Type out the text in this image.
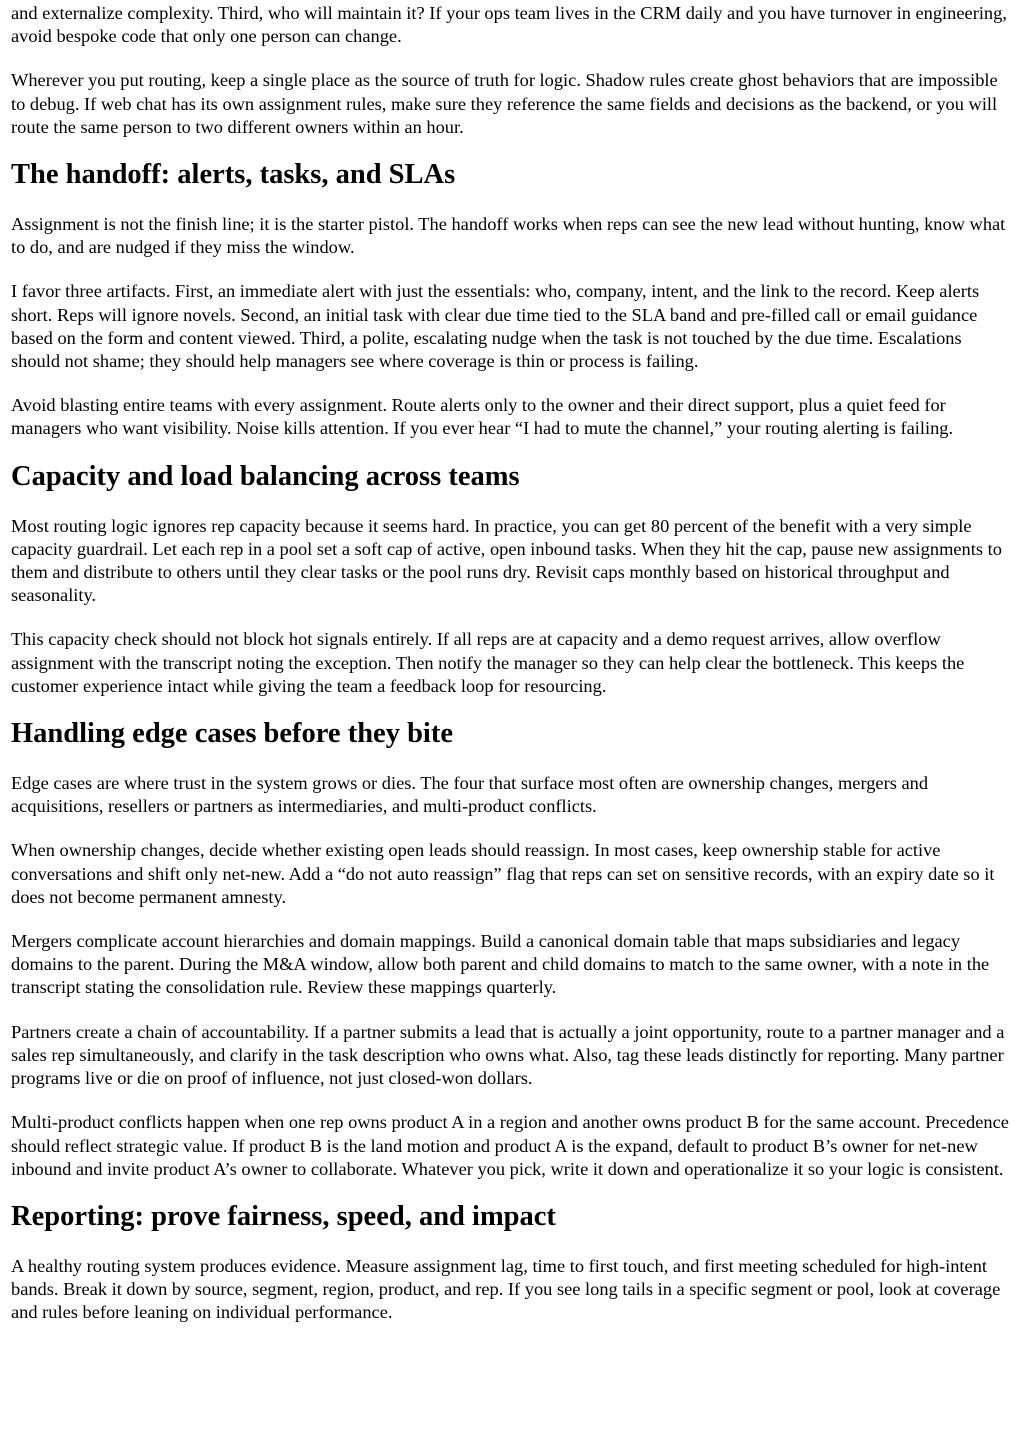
and externalize complexity. Third, who will maintain it? If your ops team lives in the CRM daily and you have turnover in engineering, avoid bespoke code that only one person can change.

Wherever you put routing, keep a single place as the source of truth for logic. Shadow rules create ghost behaviors that are impossible to debug. If web chat has its own assignment rules, make sure they reference the same fields and decisions as the backend, or you will route the same person to two different owners within an hour.

The handoff: alerts, tasks, and SLAs

Assignment is not the finish line; it is the starter pistol. The handoff works when reps can see the new lead without hunting, know what to do, and are nudged if they miss the window.

I favor three artifacts. First, an immediate alert with just the essentials: who, company, intent, and the link to the record. Keep alerts short. Reps will ignore novels. Second, an initial task with clear due time tied to the SLA band and pre-filled call or email guidance based on the form and content viewed. Third, a polite, escalating nudge when the task is not touched by the due time. Escalations should not shame; they should help managers see where coverage is thin or process is failing.

Avoid blasting entire teams with every assignment. Route alerts only to the owner and their direct support, plus a quiet feed for managers who want visibility. Noise kills attention. If you ever hear “I had to mute the channel,” your routing alerting is failing.

Capacity and load balancing across teams

Most routing logic ignores rep capacity because it seems hard. In practice, you can get 80 percent of the benefit with a very simple capacity guardrail. Let each rep in a pool set a soft cap of active, open inbound tasks. When they hit the cap, pause new assignments to them and distribute to others until they clear tasks or the pool runs dry. Revisit caps monthly based on historical throughput and seasonality.

This capacity check should not block hot signals entirely. If all reps are at capacity and a demo request arrives, allow overflow assignment with the transcript noting the exception. Then notify the manager so they can help clear the bottleneck. This keeps the customer experience intact while giving the team a feedback loop for resourcing.

Handling edge cases before they bite

Edge cases are where trust in the system grows or dies. The four that surface most often are ownership changes, mergers and acquisitions, resellers or partners as intermediaries, and multi-product conflicts.

When ownership changes, decide whether existing open leads should reassign. In most cases, keep ownership stable for active conversations and shift only net-new. Add a “do not auto reassign” flag that reps can set on sensitive records, with an expiry date so it does not become permanent amnesty.

Mergers complicate account hierarchies and domain mappings. Build a canonical domain table that maps subsidiaries and legacy domains to the parent. During the M&A window, allow both parent and child domains to match to the same owner, with a note in the transcript stating the consolidation rule. Review these mappings quarterly.

Partners create a chain of accountability. If a partner submits a lead that is actually a joint opportunity, route to a partner manager and a sales rep simultaneously, and clarify in the task description who owns what. Also, tag these leads distinctly for reporting. Many partner programs live or die on proof of influence, not just closed-won dollars.

Multi-product conflicts happen when one rep owns product A in a region and another owns product B for the same account. Precedence should reflect strategic value. If product B is the land motion and product A is the expand, default to product B’s owner for net-new inbound and invite product A’s owner to collaborate. Whatever you pick, write it down and operationalize it so your logic is consistent.

Reporting: prove fairness, speed, and impact

A healthy routing system produces evidence. Measure assignment lag, time to first touch, and first meeting scheduled for high-intent bands. Break it down by source, segment, region, product, and rep. If you see long tails in a specific segment or pool, look at coverage and rules before leaning on individual performance.
